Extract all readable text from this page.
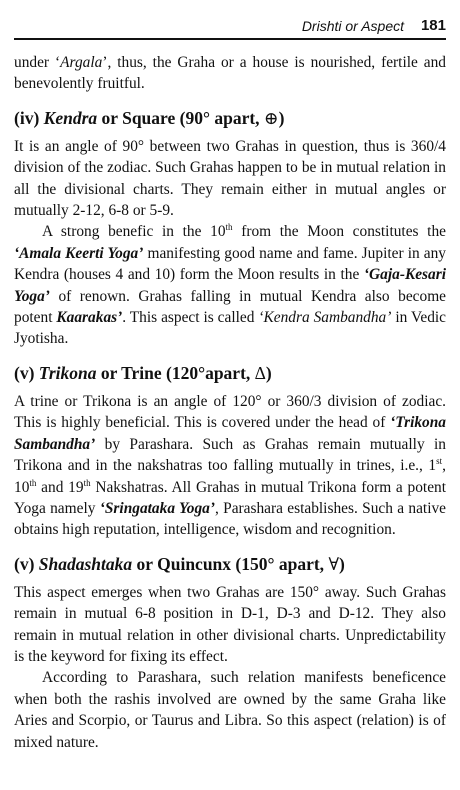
Drishti or Aspect 181

under ‘Argala’, thus, the Graha or a house is nourished, fertile and benevolently fruitful.

(iv) Kendra or Square (90° apart, ⊕)

It is an angle of 90° between two Grahas in question, thus is 360/4 division of the zodiac. Such Grahas happen to be in mutual relation in all the divisional charts. They remain either in mutual angles or mutually 2-12, 6-8 or 5-9.

A strong benefic in the 10th from the Moon constitutes the ‘Amala Keerti Yoga’ manifesting good name and fame. Jupiter in any Kendra (houses 4 and 10) form the Moon results in the ‘Gaja-Kesari Yoga’ of renown. Grahas falling in mutual Kendra also become potent Kaarakas’. This aspect is called ‘Kendra Sambandha’ in Vedic Jyotisha.

(v) Trikona or Trine (120°apart, Δ)

A trine or Trikona is an angle of 120° or 360/3 division of zodiac. This is highly beneficial. This is covered under the head of ‘Trikona Sambandha’ by Parashara. Such as Grahas remain mutually in Trikona and in the nakshatras too falling mutually in trines, i.e., 1st, 10th and 19th Nakshatras. All Grahas in mutual Trikona form a potent Yoga namely ‘Sringataka Yoga’, Parashara establishes. Such a native obtains high reputation, intelligence, wisdom and recognition.

(v) Shadashtaka or Quincunx (150° apart, ∀)

This aspect emerges when two Grahas are 150° away. Such Grahas remain in mutual 6-8 position in D-1, D-3 and D-12. They also remain in mutual relation in other divisional charts. Unpredictability is the keyword for fixing its effect.

According to Parashara, such relation manifests beneficence when both the rashis involved are owned by the same Graha like Aries and Scorpio, or Taurus and Libra. So this aspect (relation) is of mixed nature.
